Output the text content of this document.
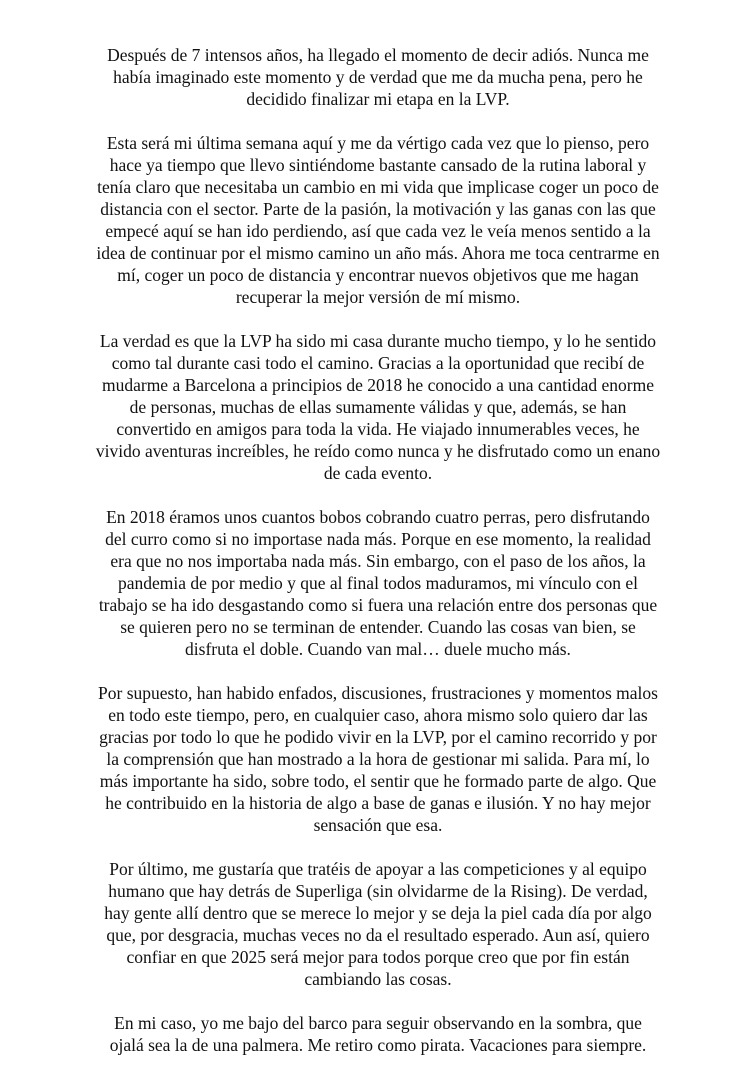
Después de 7 intensos años, ha llegado el momento de decir adiós. Nunca me
había imaginado este momento y de verdad que me da mucha pena, pero he
decidido finalizar mi etapa en la LVP.

Esta será mi última semana aquí y me da vértigo cada vez que lo pienso, pero
hace ya tiempo que llevo sintiéndome bastante cansado de la rutina laboral y
tenía claro que necesitaba un cambio en mi vida que implicase coger un poco de
distancia con el sector. Parte de la pasión, la motivación y las ganas con las que
empecé aquí se han ido perdiendo, así que cada vez le veía menos sentido a la
idea de continuar por el mismo camino un año más. Ahora me toca centrarme en
mí, coger un poco de distancia y encontrar nuevos objetivos que me hagan
recuperar la mejor versión de mí mismo.

La verdad es que la LVP ha sido mi casa durante mucho tiempo, y lo he sentido
como tal durante casi todo el camino. Gracias a la oportunidad que recibí de
mudarme a Barcelona a principios de 2018 he conocido a una cantidad enorme
de personas, muchas de ellas sumamente válidas y que, además, se han
convertido en amigos para toda la vida. He viajado innumerables veces, he
vivido aventuras increíbles, he reído como nunca y he disfrutado como un enano
de cada evento.

En 2018 éramos unos cuantos bobos cobrando cuatro perras, pero disfrutando
del curro como si no importase nada más. Porque en ese momento, la realidad
era que no nos importaba nada más. Sin embargo, con el paso de los años, la
pandemia de por medio y que al final todos maduramos, mi vínculo con el
trabajo se ha ido desgastando como si fuera una relación entre dos personas que
se quieren pero no se terminan de entender. Cuando las cosas van bien, se
disfruta el doble. Cuando van mal… duele mucho más.

Por supuesto, han habido enfados, discusiones, frustraciones y momentos malos
en todo este tiempo, pero, en cualquier caso, ahora mismo solo quiero dar las
gracias por todo lo que he podido vivir en la LVP, por el camino recorrido y por
la comprensión que han mostrado a la hora de gestionar mi salida. Para mí, lo
más importante ha sido, sobre todo, el sentir que he formado parte de algo. Que
he contribuido en la historia de algo a base de ganas e ilusión. Y no hay mejor
sensación que esa.

Por último, me gustaría que tratéis de apoyar a las competiciones y al equipo
humano que hay detrás de Superliga (sin olvidarme de la Rising). De verdad,
hay gente allí dentro que se merece lo mejor y se deja la piel cada día por algo
que, por desgracia, muchas veces no da el resultado esperado. Aun así, quiero
confiar en que 2025 será mejor para todos porque creo que por fin están
cambiando las cosas.

En mi caso, yo me bajo del barco para seguir observando en la sombra, que
ojalá sea la de una palmera. Me retiro como pirata. Vacaciones para siempre.
